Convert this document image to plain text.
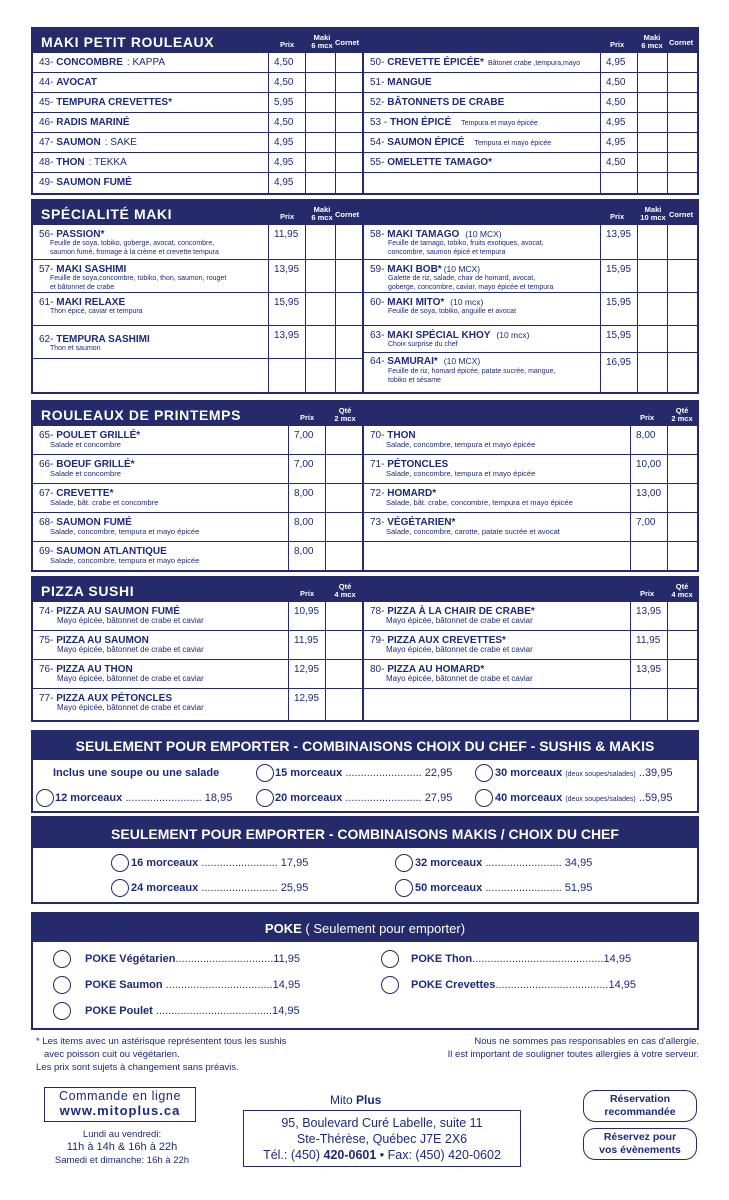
MAKI PETIT ROULEAUX	Prix
Maki
6 mcx Cornet	Prix
Maki
6 mcx Cornet
43- CONCOMBRE : KAPPA	4,50
44- AVOCAT	4,50
45- TEMPURA CREVETTES*	5,95
46- RADIS MARINÉ	4,50
47- SAUMON : SAKE	4,95
48- THON : TEKKA	4,95
49- SAUMON FUMÉ	4,95
50- CREVETTE ÉPICÉE* Bâtonet crabe ,tempura,mayo	4,95
51- MANGUE	4,50
52- BÂTONNETS DE CRABE	4,50
53 - THON ÉPICÉ Tempura et mayo épicée	4,95
54- SAUMON ÉPICÉ Tempura et mayo épicée	4,95
55- OMELETTE TAMAGO*	4,50
SPÉCIALITÉ MAKI	Prix
Maki
6 mcx Cornet	Prix
Maki
10 mcx Cornet
56- PASSION*
Feuille de soya, tobiko, goberge, avocat, concombre,
saumon fumé, fromage à la crème et crevette tempura
11,95
57- MAKI SASHIMI
Feuille de soya,concombre, tobiko, thon, saumon, rouget
et bâtonnet de crabe
13,95
61- MAKI RELAXE
Thon épicé, caviar et tempura
15,95
62- TEMPURA SASHIMI
Thon et saumon
13,95
58- MAKI TAMAGO (10 MCX)
Feuille de tamago, tobiko, fruits exotiques, avocat,
concombre, saumon épicé et tempura
13,95
59- MAKI BOB* (10 MCX)
Galette de riz, salade, chair de homard, avocat,
goberge, concombre, caviar, mayo épicée et tempura
15,95
60- MAKI MITO* (10 mcx)
Feuille de soya, tobiko, anguille et avocat
15,95
63- MAKI SPÉCIAL KHOY (10 mcx)
Choix surprise du chef
15,95
64- SAMURAI* (10 MCX)
Feuille de riz, homard épicée, patate sucrée, mangue,
tobiko et sésame
16,95
ROULEAUX DE PRINTEMPS	Prix
Qté
2 mcx	Prix
Qté
2 mcx
65- POULET GRILLÉ*
Salade et concombre
7,00
66- BOEUF GRILLÉ*
Salade et concombre
7,00
67- CREVETTE*
Salade, bât. crabe et concombre
8,00
68- SAUMON FUMÉ
Salade, concombre, tempura et mayo épicée
8,00
69- SAUMON ATLANTIQUE
Salade, concombre, tempura et mayo épicée
8,00
70- THON
Salade, concombre, tempura et mayo épicée
8,00
71- PÉTONCLES
Salade, concombre, tempura et mayo épicée
10,00
72- HOMARD*
Salade, bât. crabe, concombre, tempura et mayo épicée
13,00
73- VÉGÉTARIEN*
Salade, concombre, carotte, patate sucrée et avocat
7,00
PIZZA SUSHI	Prix
Qté
4 mcx	Prix
Qté
4 mcx
74- PIZZA AU SAUMON FUMÉ
Mayo épicée, bâtonnet de crabe et caviar
10,95
75- PIZZA AU SAUMON
Mayo épicée, bâtonnet de crabe et caviar
11,95
76- PIZZA AU THON
Mayo épicée, bâtonnet de crabe et caviar
12,95
77- PIZZA AUX PÉTONCLES
Mayo épicée, bâtonnet de crabe et caviar
12,95
78- PIZZA À LA CHAIR DE CRABE*
Mayo épicée, bâtonnet de crabe et caviar
13,95
79- PIZZA AUX CREVETTES*
Mayo épicée, bâtonnet de crabe et caviar
11,95
80- PIZZA AU HOMARD*
Mayo épicée, bâtonnet de crabe et caviar
13,95
SEULEMENT POUR EMPORTER - COMBINAISONS CHOIX DU CHEF - SUSHIS & MAKIS
Inclus une soupe ou une salade	15 morceaux ......................... 22,95	30 morceaux (deux soupes/salades) ..39,95
12 morceaux ......................... 18,95	20 morceaux ......................... 27,95	40 morceaux (deux soupes/salades) ..59,95
SEULEMENT POUR EMPORTER - COMBINAISONS MAKIS / CHOIX DU CHEF
16 morceaux ......................... 17,95	32 morceaux ......................... 34,95
24 morceaux ......................... 25,95	50 morceaux ......................... 51,95
POKE ( Seulement pour emporter)
POKE Végétarien................................11,95	POKE Thon...........................................14,95
POKE Saumon ...................................14,95	POKE Crevettes.....................................14,95
POKE Poulet ......................................14,95
* Les items avec un astérisque représentent tous les sushis
avec poisson cuit ou végétarien.
Les prix sont sujets à changement sans préavis.
Nous ne sommes pas responsables en cas d'allergie.
Il est important de souligner toutes allergies à votre serveur.
Commande en ligne
www.mitoplus.ca
Lundi au vendredi:
11h à 14h & 16h à 22h
Samedi et dimanche: 16h à 22h
Mito Plus
95, Boulevard Curé Labelle, suite 11
Ste-Thérèse, Québec J7E 2X6
Tél.: (450) 420-0601 • Fax: (450) 420-0602
Réservation
recommandée
Réservez pour
vos évènements
